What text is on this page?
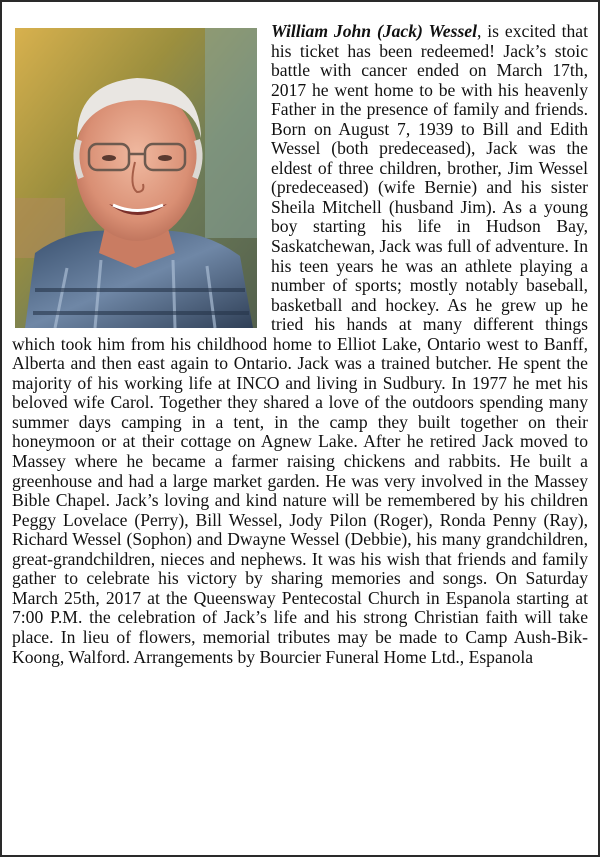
William John (Jack) Wessel, is excited that his ticket has been redeemed! Jack’s stoic battle with cancer ended on March 17th, 2017 he went home to be with his heavenly Father in the presence of family and friends. Born on August 7, 1939 to Bill and Edith Wessel (both predeceased), Jack was the eldest of three children, brother, Jim Wessel (predeceased) (wife Bernie) and his sister Sheila Mitchell (husband Jim). As a young boy starting his life in Hudson Bay, Saskatchewan, Jack was full of adventure. In his teen years he was an athlete playing a number of sports; mostly notably baseball, basketball and hockey. As he grew up he tried his hands at many different things which took him from his childhood home to Elliot Lake, Ontario west to Banff, Alberta and then east again to Ontario. Jack was a trained butcher. He spent the majority of his working life at INCO and living in Sudbury. In 1977 he met his beloved wife Carol. Together they shared a love of the outdoors spending many summer days camping in a tent, in the camp they built together on their honeymoon or at their cottage on Agnew Lake. After he retired Jack moved to Massey where he became a farmer raising chickens and rabbits. He built a greenhouse and had a large market garden. He was very involved in the Massey Bible Chapel. Jack’s loving and kind nature will be remembered by his children Peggy Lovelace (Perry), Bill Wessel, Jody Pilon (Roger), Ronda Penny (Ray), Richard Wessel (Sophon) and Dwayne Wessel (Debbie), his many grandchildren, great-grandchildren, nieces and nephews. It was his wish that friends and family gather to celebrate his victory by sharing memories and songs. On Saturday March 25th, 2017 at the Queensway Pentecostal Church in Espanola starting at 7:00 P.M. the celebration of Jack’s life and his strong Christian faith will take place. In lieu of flowers, memorial tributes may be made to Camp Aush-Bik-Koong, Walford. Arrangements by Bourcier Funeral Home Ltd., Espanola
